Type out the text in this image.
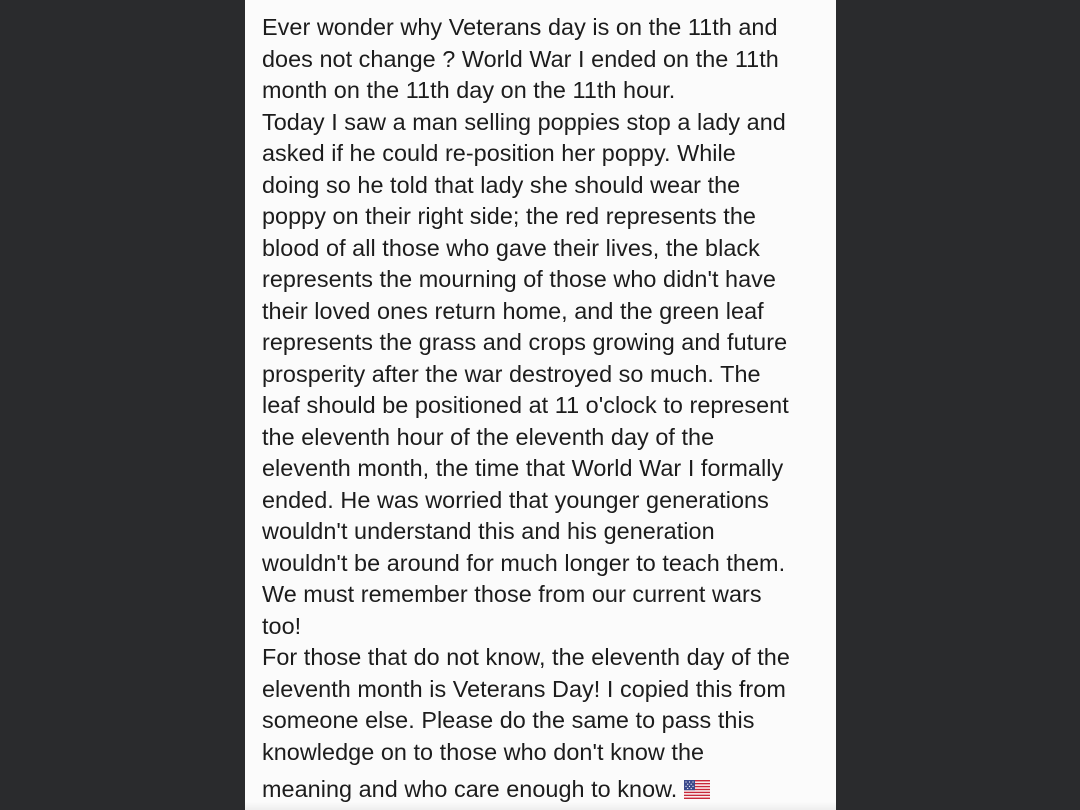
Ever wonder why Veterans day is on the 11th and
does not change ? World War I ended on the 11th
month on the 11th day on the 11th hour.
Today I saw a man selling poppies stop a lady and
asked if he could re-position her poppy. While
doing so he told that lady she should wear the
poppy on their right side; the red represents the
blood of all those who gave their lives, the black
represents the mourning of those who didn't have
their loved ones return home, and the green leaf
represents the grass and crops growing and future
prosperity after the war destroyed so much. The
leaf should be positioned at 11 o'clock to represent
the eleventh hour of the eleventh day of the
eleventh month, the time that World War I formally
ended. He was worried that younger generations
wouldn't understand this and his generation
wouldn't be around for much longer to teach them.
We must remember those from our current wars
too!
For those that do not know, the eleventh day of the
eleventh month is Veterans Day! I copied this from
someone else. Please do the same to pass this
knowledge on to those who don't know the
meaning and who care enough to know.
